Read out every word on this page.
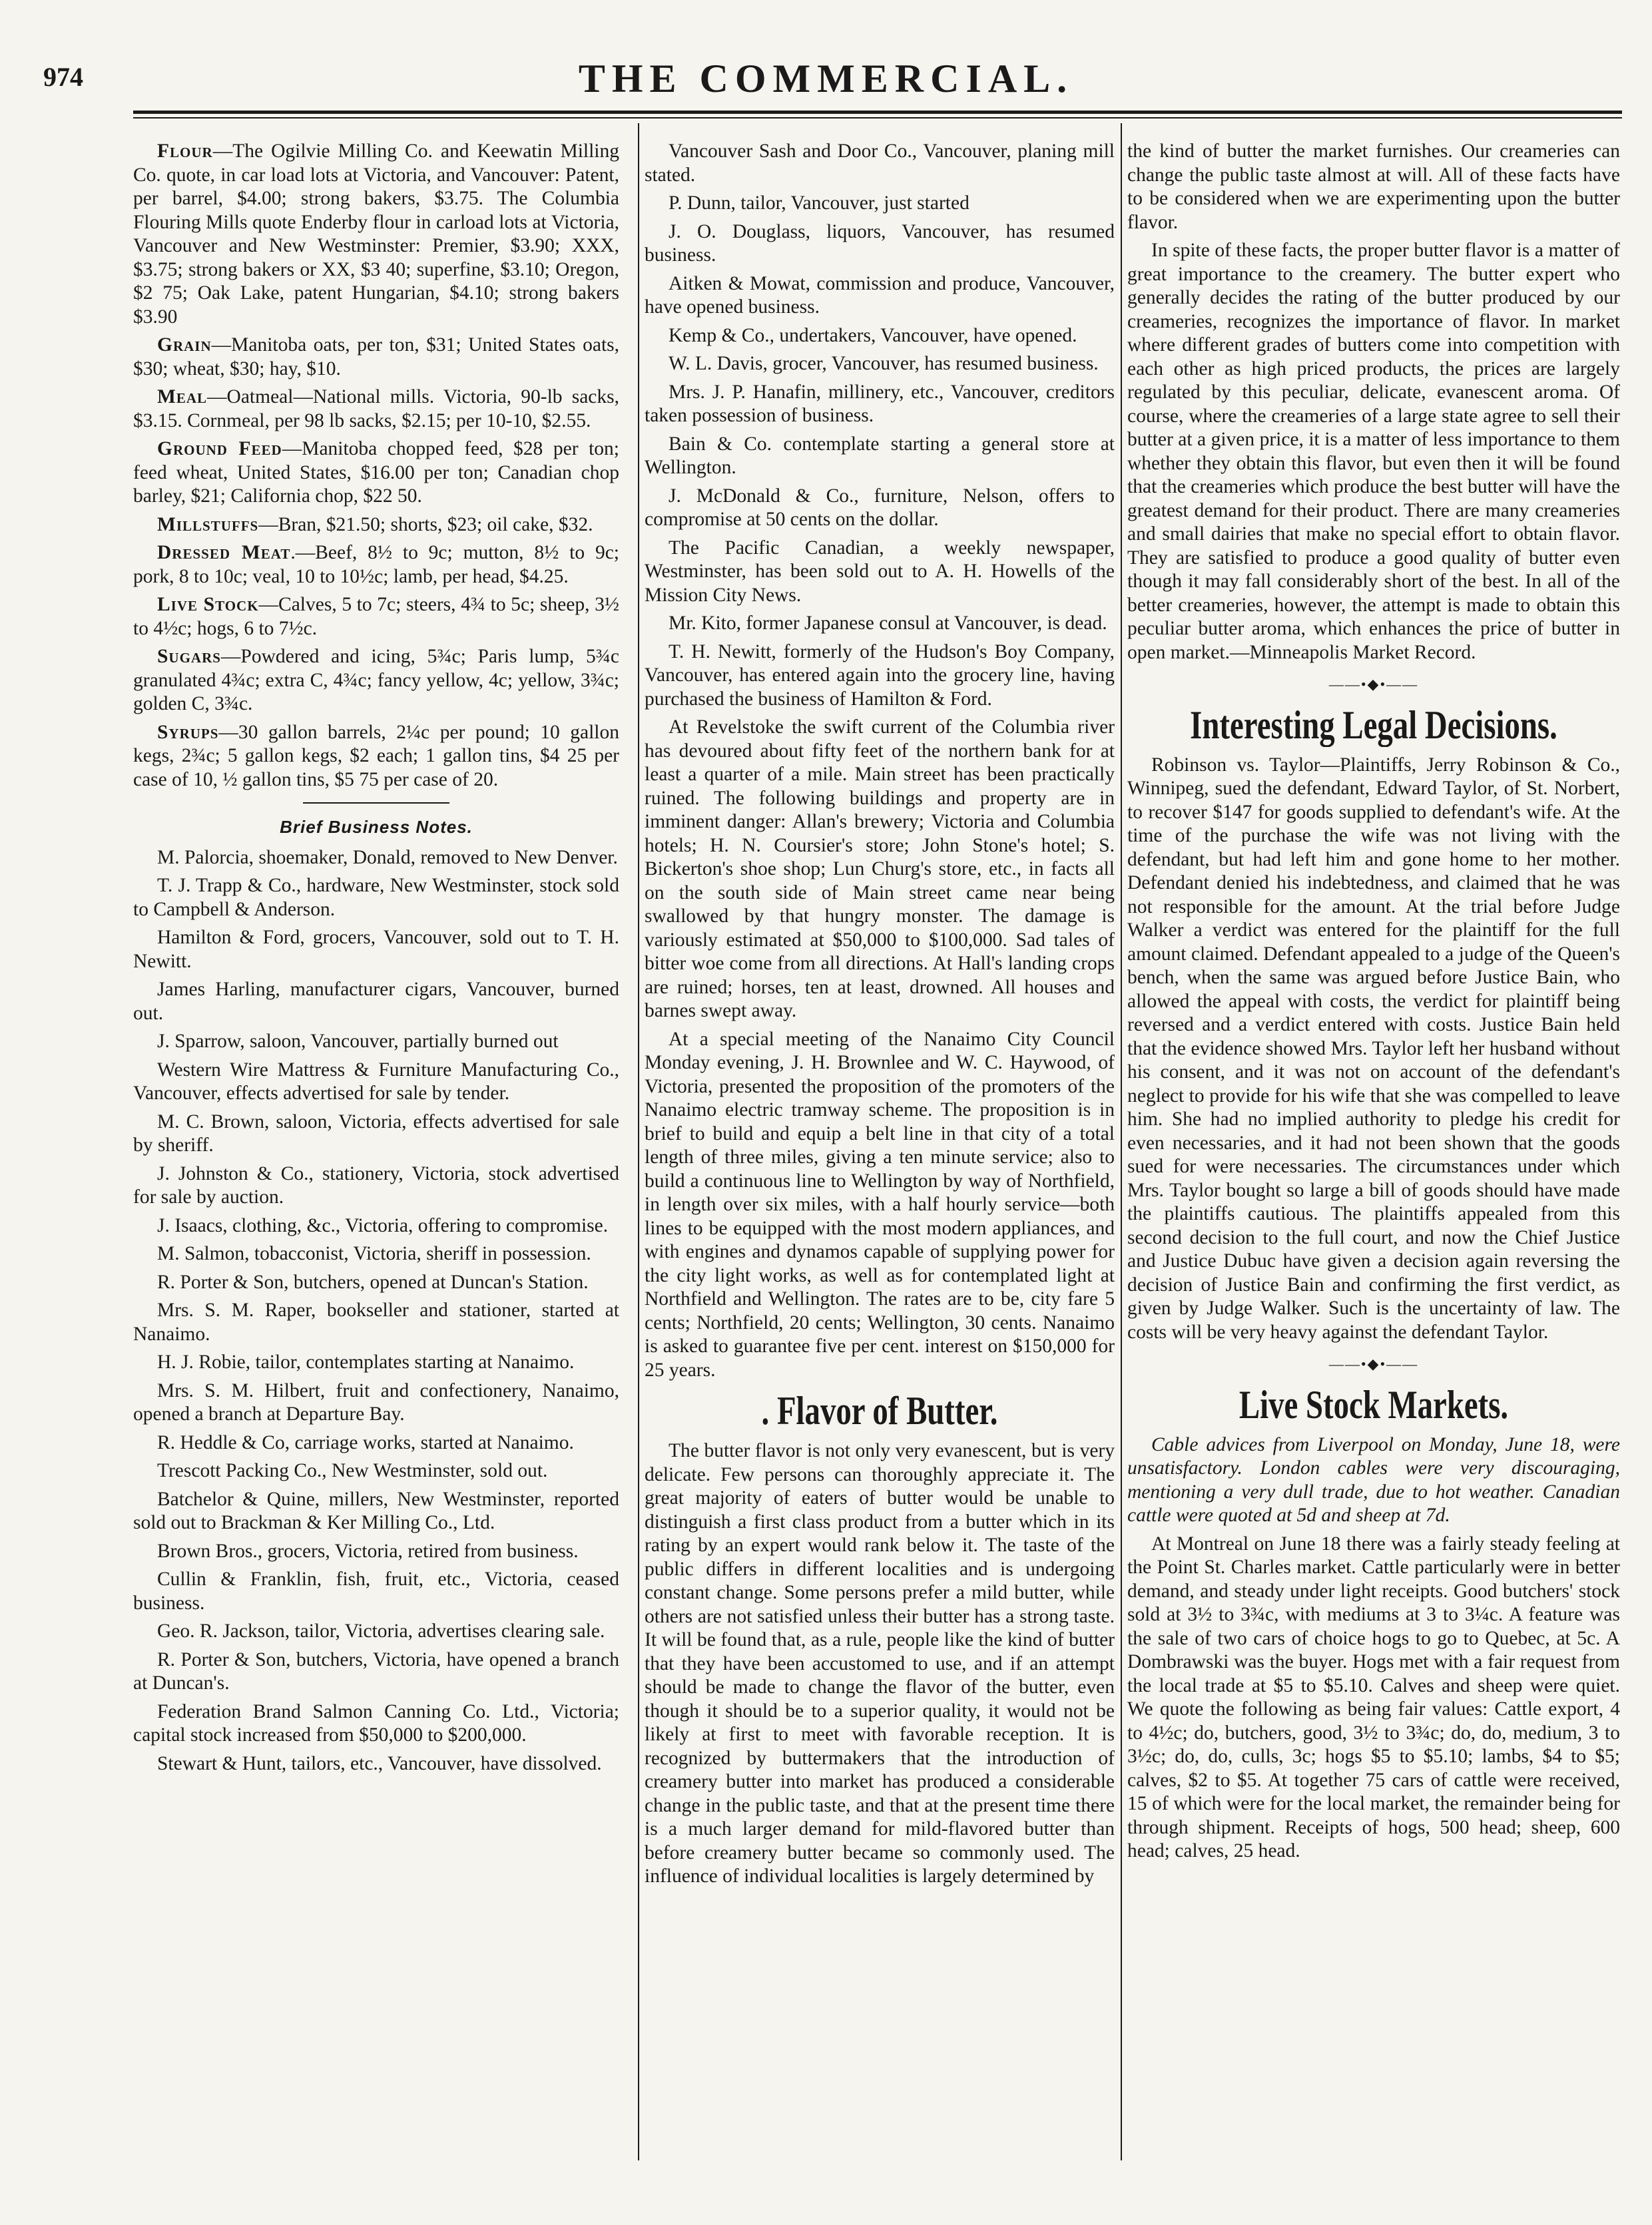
974	THE COMMERCIAL.

Flour—The Ogilvie Milling Co. and Keewatin Milling Co. quote, in car load lots at Victoria, and Vancouver: Patent, per barrel, $4.00; strong bakers, $3.75. The Columbia Flouring Mills quote Enderby flour in carload lots at Victoria, Vancouver and New Westminster: Premier, $3.90; XXX, $3.75; strong bakers or XX, $3 40; superfine, $3.10; Oregon, $2 75; Oak Lake, patent Hungarian, $4.10; strong bakers $3.90

Grain—Manitoba oats, per ton, $31; United States oats, $30; wheat, $30; hay, $10.

Meal—Oatmeal—National mills. Victoria, 90-lb sacks, $3.15. Cornmeal, per 98 lb sacks, $2.15; per 10-10, $2.55.

Ground Feed—Manitoba chopped feed, $28 per ton; feed wheat, United States, $16.00 per ton; Canadian chop barley, $21; California chop, $22 50.

Millstuffs—Bran, $21.50; shorts, $23; oil cake, $32.

Dressed Meat.—Beef, 8½ to 9c; mutton, 8½ to 9c; pork, 8 to 10c; veal, 10 to 10½c; lamb, per head, $4.25.

Live Stock—Calves, 5 to 7c; steers, 4¾ to 5c; sheep, 3½ to 4½c; hogs, 6 to 7½c.

Sugars—Powdered and icing, 5¾c; Paris lump, 5¾c granulated 4¾c; extra C, 4¾c; fancy yellow, 4c; yellow, 3¾c; golden C, 3¾c.

Syrups—30 gallon barrels, 2¼c per pound; 10 gallon kegs, 2¾c; 5 gallon kegs, $2 each; 1 gallon tins, $4 25 per case of 10, ½ gallon tins, $5 75 per case of 20.

Brief Business Notes.

M. Palorcia, shoemaker, Donald, removed to New Denver.

T. J. Trapp & Co., hardware, New Westminster, stock sold to Campbell & Anderson.

Hamilton & Ford, grocers, Vancouver, sold out to T. H. Newitt.

James Harling, manufacturer cigars, Vancouver, burned out.

J. Sparrow, saloon, Vancouver, partially burned out

Western Wire Mattress & Furniture Manufacturing Co., Vancouver, effects advertised for sale by tender.

M. C. Brown, saloon, Victoria, effects advertised for sale by sheriff.

J. Johnston & Co., stationery, Victoria, stock advertised for sale by auction.

J. Isaacs, clothing, &c., Victoria, offering to compromise.

M. Salmon, tobacconist, Victoria, sheriff in possession.

R. Porter & Son, butchers, opened at Duncan's Station.

Mrs. S. M. Raper, bookseller and stationer, started at Nanaimo.

H. J. Robie, tailor, contemplates starting at Nanaimo.

Mrs. S. M. Hilbert, fruit and confectionery, Nanaimo, opened a branch at Departure Bay.

R. Heddle & Co, carriage works, started at Nanaimo.

Trescott Packing Co., New Westminster, sold out.

Batchelor & Quine, millers, New Westminster, reported sold out to Brackman & Ker Milling Co., Ltd.

Brown Bros., grocers, Victoria, retired from business.

Cullin & Franklin, fish, fruit, etc., Victoria, ceased business.

Geo. R. Jackson, tailor, Victoria, advertises clearing sale.

R. Porter & Son, butchers, Victoria, have opened a branch at Duncan's.

Federation Brand Salmon Canning Co. Ltd., Victoria; capital stock increased from $50,000 to $200,000.

Stewart & Hunt, tailors, etc., Vancouver, have dissolved.

Vancouver Sash and Door Co., Vancouver, planing mill stated.

P. Dunn, tailor, Vancouver, just started

J. O. Douglass, liquors, Vancouver, has resumed business.

Aitken & Mowat, commission and produce, Vancouver, have opened business.

Kemp & Co., undertakers, Vancouver, have opened.

W. L. Davis, grocer, Vancouver, has resumed business.

Mrs. J. P. Hanafin, millinery, etc., Vancouver, creditors taken possession of business.

Bain & Co. contemplate starting a general store at Wellington.

J. McDonald & Co., furniture, Nelson, offers to compromise at 50 cents on the dollar.

The Pacific Canadian, a weekly newspaper, Westminster, has been sold out to A. H. Howells of the Mission City News.

Mr. Kito, former Japanese consul at Vancouver, is dead.

T. H. Newitt, formerly of the Hudson's Boy Company, Vancouver, has entered again into the grocery line, having purchased the business of Hamilton & Ford.

At Revelstoke the swift current of the Columbia river has devoured about fifty feet of the northern bank for at least a quarter of a mile. Main street has been practically ruined. The following buildings and property are in imminent danger: Allan's brewery; Victoria and Columbia hotels; H. N. Coursier's store; John Stone's hotel; S. Bickerton's shoe shop; Lun Churg's store, etc., in facts all on the south side of Main street came near being swallowed by that hungry monster. The damage is variously estimated at $50,000 to $100,000. Sad tales of bitter woe come from all directions. At Hall's landing crops are ruined; horses, ten at least, drowned. All houses and barnes swept away.

At a special meeting of the Nanaimo City Council Monday evening, J. H. Brownlee and W. C. Haywood, of Victoria, presented the proposition of the promoters of the Nanaimo electric tramway scheme. The proposition is in brief to build and equip a belt line in that city of a total length of three miles, giving a ten minute service; also to build a continuous line to Wellington by way of Northfield, in length over six miles, with a half hourly service—both lines to be equipped with the most modern appliances, and with engines and dynamos capable of supplying power for the city light works, as well as for contemplated light at Northfield and Wellington. The rates are to be, city fare 5 cents; Northfield, 20 cents; Wellington, 30 cents. Nanaimo is asked to guarantee five per cent. interest on $150,000 for 25 years.

. Flavor of Butter.

The butter flavor is not only very evanescent, but is very delicate. Few persons can thoroughly appreciate it. The great majority of eaters of butter would be unable to distinguish a first class product from a butter which in its rating by an expert would rank below it. The taste of the public differs in different localities and is undergoing constant change. Some persons prefer a mild butter, while others are not satisfied unless their butter has a strong taste. It will be found that, as a rule, people like the kind of butter that they have been accustomed to use, and if an attempt should be made to change the flavor of the butter, even though it should be to a superior quality, it would not be likely at first to meet with favorable reception. It is recognized by buttermakers that the introduction of creamery butter into market has produced a considerable change in the public taste, and that at the present time there is a much larger demand for mild-flavored butter than before creamery butter became so commonly used. The influence of individual localities is largely determined by

the kind of butter the market furnishes. Our creameries can change the public taste almost at will. All of these facts have to be considered when we are experimenting upon the butter flavor.

In spite of these facts, the proper butter flavor is a matter of great importance to the creamery. The butter expert who generally decides the rating of the butter produced by our creameries, recognizes the importance of flavor. In market where different grades of butters come into competition with each other as high priced products, the prices are largely regulated by this peculiar, delicate, evanescent aroma. Of course, where the creameries of a large state agree to sell their butter at a given price, it is a matter of less importance to them whether they obtain this flavor, but even then it will be found that the creameries which produce the best butter will have the greatest demand for their product. There are many creameries and small dairies that make no special effort to obtain flavor. They are satisfied to produce a good quality of butter even though it may fall considerably short of the best. In all of the better creameries, however, the attempt is made to obtain this peculiar butter aroma, which enhances the price of butter in open market.—Minneapolis Market Record.

——•◆•——
Interesting Legal Decisions.

Robinson vs. Taylor—Plaintiffs, Jerry Robinson & Co., Winnipeg, sued the defendant, Edward Taylor, of St. Norbert, to recover $147 for goods supplied to defendant's wife. At the time of the purchase the wife was not living with the defendant, but had left him and gone home to her mother. Defendant denied his indebtedness, and claimed that he was not responsible for the amount. At the trial before Judge Walker a verdict was entered for the plaintiff for the full amount claimed. Defendant appealed to a judge of the Queen's bench, when the same was argued before Justice Bain, who allowed the appeal with costs, the verdict for plaintiff being reversed and a verdict entered with costs. Justice Bain held that the evidence showed Mrs. Taylor left her husband without his consent, and it was not on account of the defendant's neglect to provide for his wife that she was compelled to leave him. She had no implied authority to pledge his credit for even necessaries, and it had not been shown that the goods sued for were necessaries. The circumstances under which Mrs. Taylor bought so large a bill of goods should have made the plaintiffs cautious. The plaintiffs appealed from this second decision to the full court, and now the Chief Justice and Justice Dubuc have given a decision again reversing the decision of Justice Bain and confirming the first verdict, as given by Judge Walker. Such is the uncertainty of law. The costs will be very heavy against the defendant Taylor.

——•◆•——
Live Stock Markets.

Cable advices from Liverpool on Monday, June 18, were unsatisfactory. London cables were very discouraging, mentioning a very dull trade, due to hot weather. Canadian cattle were quoted at 5d and sheep at 7d.

At Montreal on June 18 there was a fairly steady feeling at the Point St. Charles market. Cattle particularly were in better demand, and steady under light receipts. Good butchers' stock sold at 3½ to 3¾c, with mediums at 3 to 3¼c. A feature was the sale of two cars of choice hogs to go to Quebec, at 5c. A Dombrawski was the buyer. Hogs met with a fair request from the local trade at $5 to $5.10. Calves and sheep were quiet. We quote the following as being fair values: Cattle export, 4 to 4½c; do, butchers, good, 3½ to 3¾c; do, do, medium, 3 to 3½c; do, do, culls, 3c; hogs $5 to $5.10; lambs, $4 to $5; calves, $2 to $5. At together 75 cars of cattle were received, 15 of which were for the local market, the remainder being for through shipment. Receipts of hogs, 500 head; sheep, 600 head; calves, 25 head.
